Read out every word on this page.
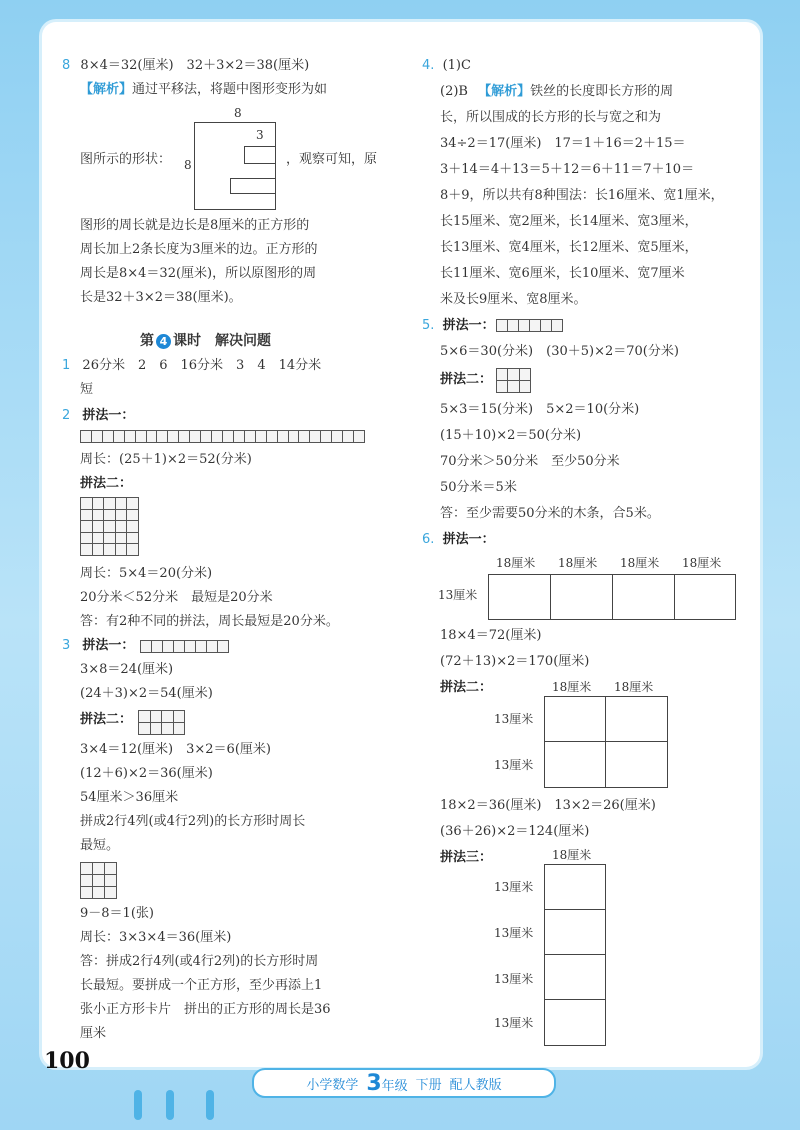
8 8×4＝32(厘米)　32＋3×2＝38(厘米)
【解析】通过平移法，将题中图形变形为如
图所示的形状：	，观察可知，原
8
8
3
图形的周长就是边长是8厘米的正方形的
周长加上2条长度为3厘米的边。正方形的
周长是8×4＝32(厘米)，所以原图形的周
长是32＋3×2＝38(厘米)。
第 4 课时　解决问题
1 26分米　2　6　16分米　3　4　14分米
短
2 拼法一：
周长：(25＋1)×2＝52(分米)
拼法二：
周长：5×4＝20(分米)
20分米＜52分米　最短是20分米
答：有2种不同的拼法，周长最短是20分米。
3 拼法一：
3×8＝24(厘米)
(24＋3)×2＝54(厘米)
拼法二：
3×4＝12(厘米)　3×2＝6(厘米)
(12＋6)×2＝36(厘米)
54厘米＞36厘米
拼成2行4列(或4行2列)的长方形时周长
最短。
9－8＝1(张)
周长：3×3×4＝36(厘米)
答：拼成2行4列(或4行2列)的长方形时周
长最短。要拼成一个正方形，至少再添上1
张小正方形卡片　拼出的正方形的周长是36
厘米
4. (1)C
(2)B 【解析】铁丝的长度即长方形的周
长，所以围成的长方形的长与宽之和为
34÷2＝17(厘米)　17＝1＋16＝2＋15＝
3＋14＝4＋13＝5＋12＝6＋11＝7＋10＝
8＋9，所以共有8种围法：长16厘米、宽1厘米，
长15厘米、宽2厘米，长14厘米、宽3厘米，
长13厘米、宽4厘米，长12厘米、宽5厘米，
长11厘米、宽6厘米，长10厘米、宽7厘米
米及长9厘米、宽8厘米。
5. 拼法一：
5×6＝30(分米)　(30＋5)×2＝70(分米)
拼法二：
5×3＝15(分米)　5×2＝10(分米)
(15＋10)×2＝50(分米)
70分米＞50分米　至少50分米
50分米＝5米
答：至少需要50分米的木条，合5米。
6. 拼法一：
18厘米 18厘米 18厘米 18厘米
13厘米
18×4＝72(厘米)
(72＋13)×2＝170(厘米)
拼法二：	18厘米 18厘米
13厘米
13厘米
18×2＝36(厘米)　13×2＝26(厘米)
(36＋26)×2＝124(厘米)
拼法三：	18厘米
13厘米
13厘米
13厘米
13厘米
100
小学数学 3年级 下册 配人教版
